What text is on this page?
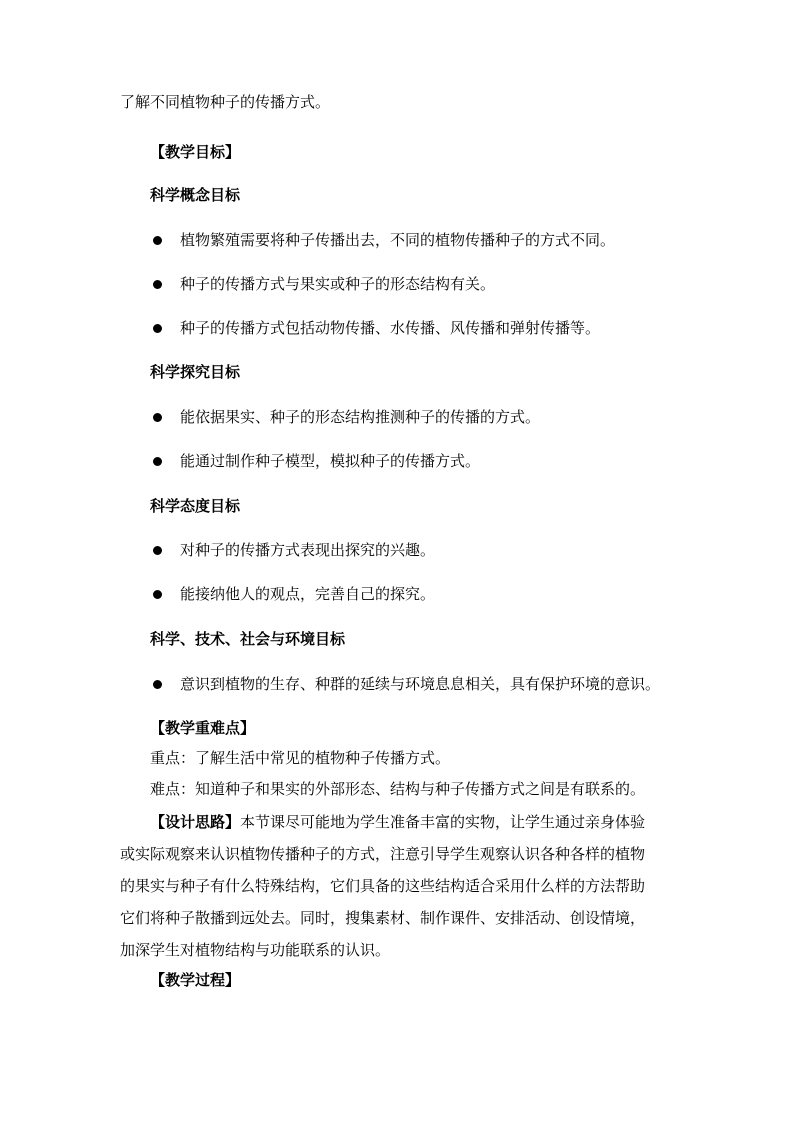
了解不同植物种子的传播方式。
【教学目标】
科学概念目标
植物繁殖需要将种子传播出去，不同的植物传播种子的方式不同。
种子的传播方式与果实或种子的形态结构有关。
种子的传播方式包括动物传播、水传播、风传播和弹射传播等。
科学探究目标
能依据果实、种子的形态结构推测种子的传播的方式。
能通过制作种子模型，模拟种子的传播方式。
科学态度目标
对种子的传播方式表现出探究的兴趣。
能接纳他人的观点，完善自己的探究。
科学、技术、社会与环境目标
意识到植物的生存、种群的延续与环境息息相关，具有保护环境的意识。
【教学重难点】
重点：了解生活中常见的植物种子传播方式。
难点：知道种子和果实的外部形态、结构与种子传播方式之间是有联系的。
【设计思路】本节课尽可能地为学生准备丰富的实物，让学生通过亲身体验
或实际观察来认识植物传播种子的方式，注意引导学生观察认识各种各样的植物
的果实与种子有什么特殊结构，它们具备的这些结构适合采用什么样的方法帮助
它们将种子散播到远处去。同时，搜集素材、制作课件、安排活动、创设情境，
加深学生对植物结构与功能联系的认识。
【教学过程】
